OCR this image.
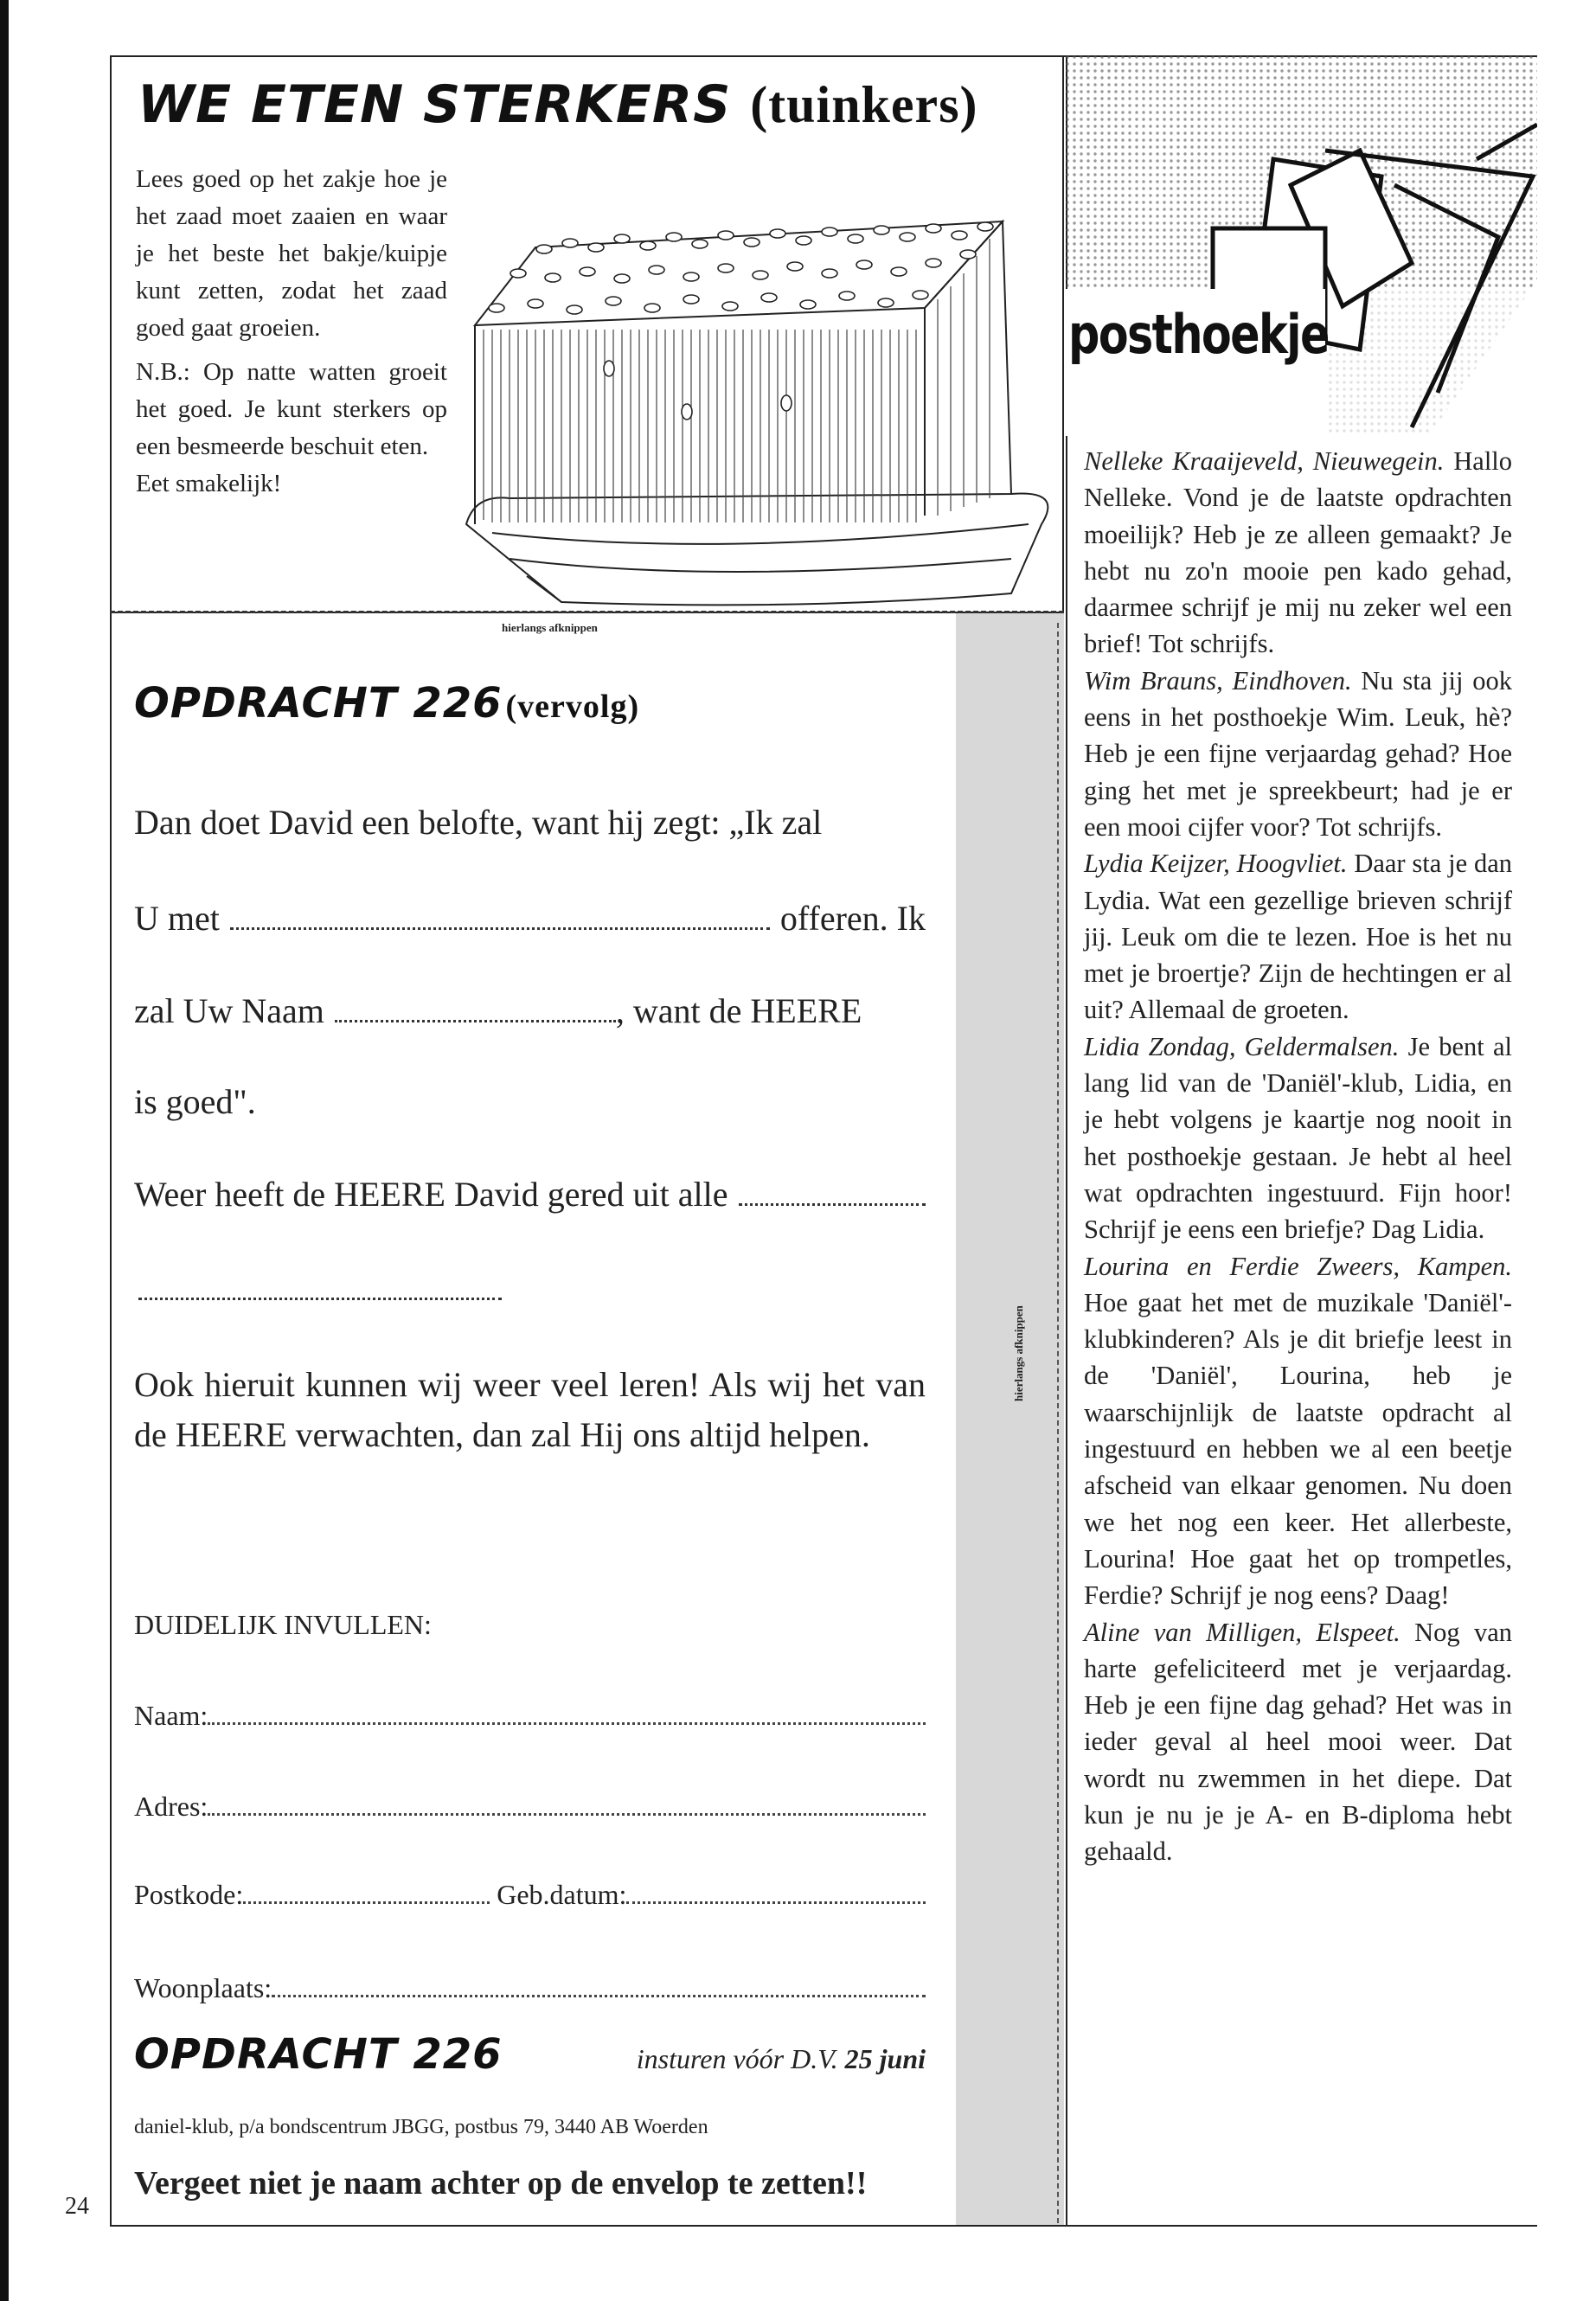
WE ETEN STERKERS (tuinkers)

Lees goed op het zakje hoe je het zaad moet zaaien en waar je het beste het bakje/kuipje kunt zetten, zodat het zaad goed gaat groeien.

N.B.: Op natte watten groeit het goed. Je kunt sterkers op een besmeerde beschuit eten.

Eet smakelijk!

hierlangs afknippen
hierlangs afknippen
OPDRACHT 226 (vervolg)
Dan doet David een belofte, want hij zegt: „Ik zal
U met	offeren. Ik
zal Uw Naam	, want de HEERE
is goed".
Weer heeft de HEERE David gered uit alle
Ook hieruit kunnen wij weer veel leren! Als wij het van de HEERE verwachten, dan zal Hij ons altijd helpen.
DUIDELIJK INVULLEN:
Naam:
Adres:
Postkode:	Geb.datum:
Woonplaats:
OPDRACHT 226	insturen vóór D.V. 25 juni
daniel-klub, p/a bondscentrum JBGG, postbus 79, 3440 AB Woerden
Vergeet niet je naam achter op de envelop te zetten!!
24
posthoekje

Nelleke Kraaijeveld, Nieuwegein. Hallo Nelleke. Vond je de laatste opdrachten moeilijk? Heb je ze alleen gemaakt? Je hebt nu zo'n mooie pen kado gehad, daarmee schrijf je mij nu zeker wel een brief! Tot schrijfs.

Wim Brauns, Eindhoven. Nu sta jij ook eens in het posthoekje Wim. Leuk, hè? Heb je een fijne verjaardag gehad? Hoe ging het met je spreekbeurt; had je er een mooi cijfer voor? Tot schrijfs.

Lydia Keijzer, Hoogvliet. Daar sta je dan Lydia. Wat een gezellige brieven schrijf jij. Leuk om die te lezen. Hoe is het nu met je broertje? Zijn de hechtingen er al uit? Allemaal de groeten.

Lidia Zondag, Geldermalsen. Je bent al lang lid van de 'Daniël'-klub, Lidia, en je hebt volgens je kaartje nog nooit in het posthoekje gestaan. Je hebt al heel wat opdrachten ingestuurd. Fijn hoor! Schrijf je eens een briefje? Dag Lidia.

Lourina en Ferdie Zweers, Kampen. Hoe gaat het met de muzikale 'Daniël'-klubkinderen? Als je dit briefje leest in de 'Daniël', Lourina, heb je waarschijnlijk de laatste opdracht al ingestuurd en hebben we al een beetje afscheid van elkaar genomen. Nu doen we het nog een keer. Het allerbeste, Lourina! Hoe gaat het op trompetles, Ferdie? Schrijf je nog eens? Daag!

Aline van Milligen, Elspeet. Nog van harte gefeliciteerd met je verjaardag. Heb je een fijne dag gehad? Het was in ieder geval al heel mooi weer. Dat wordt nu zwemmen in het diepe. Dat kun je nu je je A- en B-diploma hebt gehaald.
